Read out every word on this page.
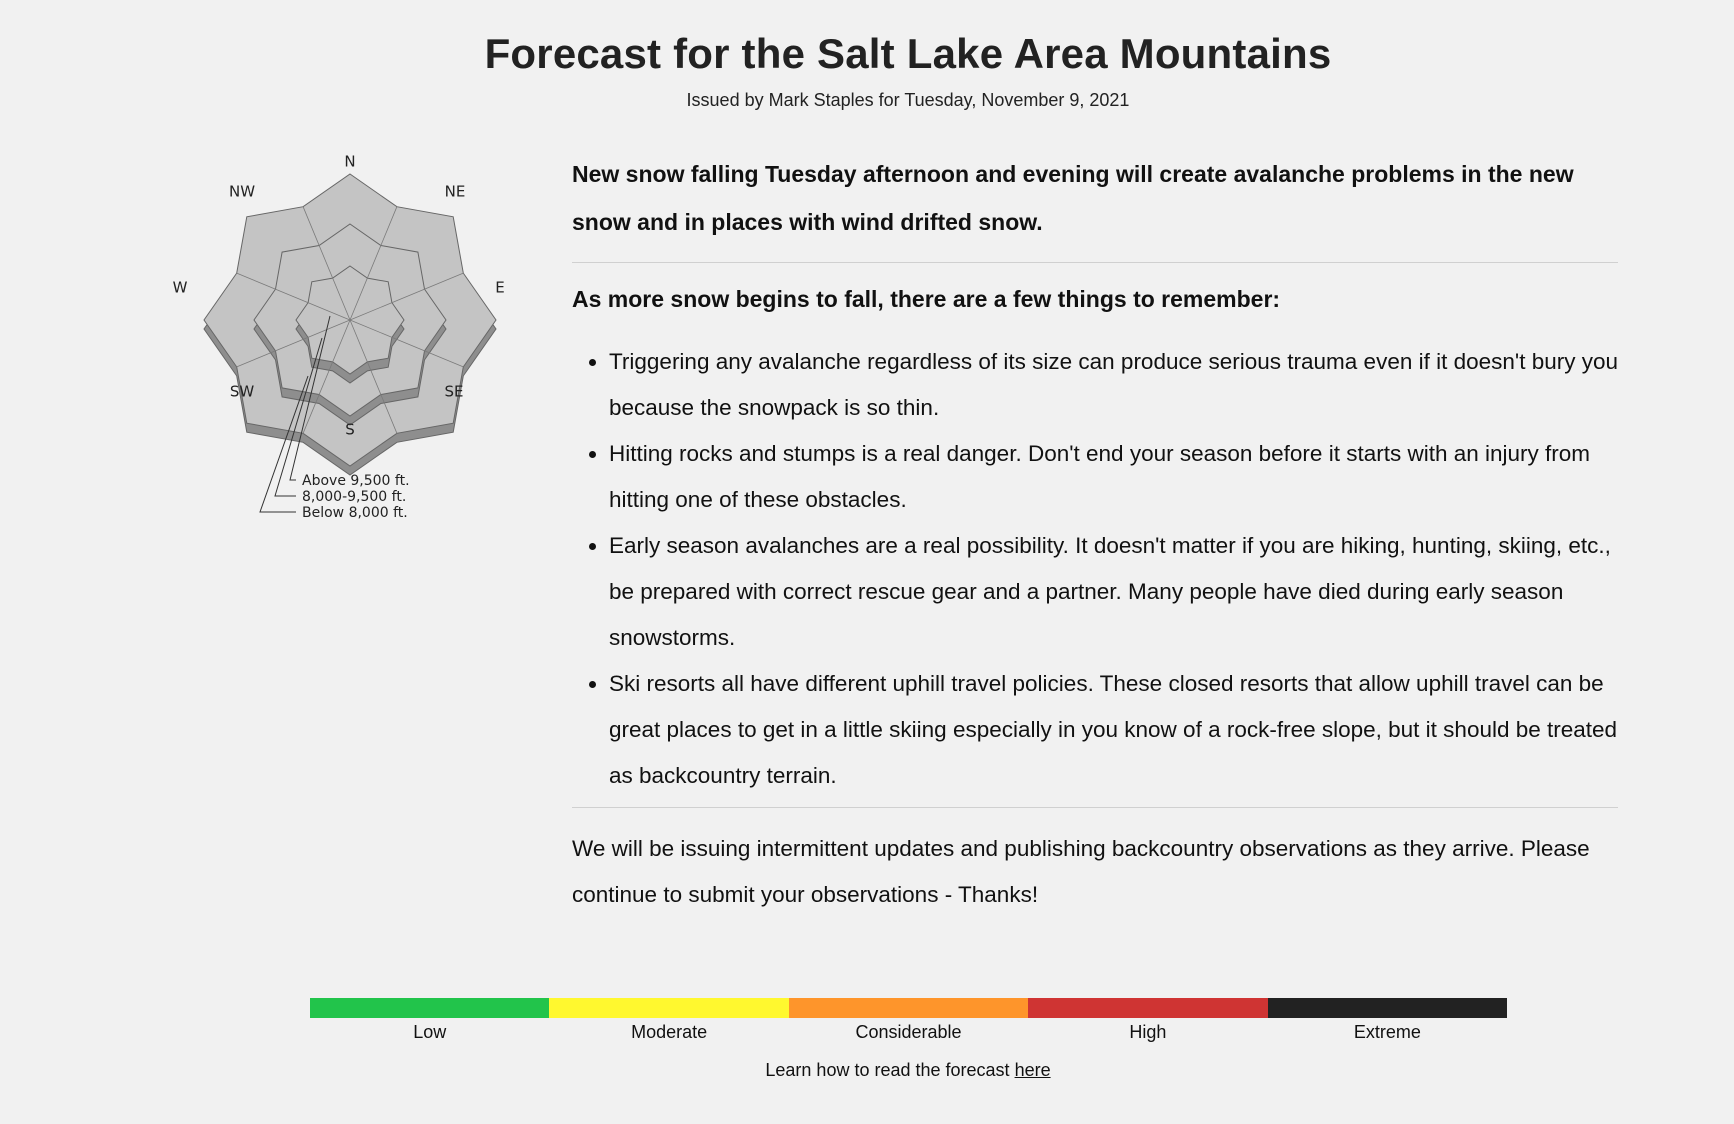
Forecast for the Salt Lake Area Mountains
Issued by Mark Staples for Tuesday, November 9, 2021
N
NE
E
SE
S
SW
W
NW
Above 9,500 ft.
8,000-9,500 ft.
Below 8,000 ft.

New snow falling Tuesday afternoon and evening will create avalanche problems in the new snow and in places with wind drifted snow.

As more snow begins to fall, there are a few things to remember:

• Triggering any avalanche regardless of its size can produce serious trauma even if it doesn't bury you because the snowpack is so thin.
• Hitting rocks and stumps is a real danger. Don't end your season before it starts with an injury from hitting one of these obstacles.
• Early season avalanches are a real possibility. It doesn't matter if you are hiking, hunting, skiing, etc., be prepared with correct rescue gear and a partner. Many people have died during early season snowstorms.
• Ski resorts all have different uphill travel policies. These closed resorts that allow uphill travel can be great places to get in a little skiing especially in you know of a rock-free slope, but it should be treated as backcountry terrain.

We will be issuing intermittent updates and publishing backcountry observations as they arrive. Please continue to submit your observations - Thanks!

Low	Moderate	Considerable	High	Extreme
Learn how to read the forecast here
